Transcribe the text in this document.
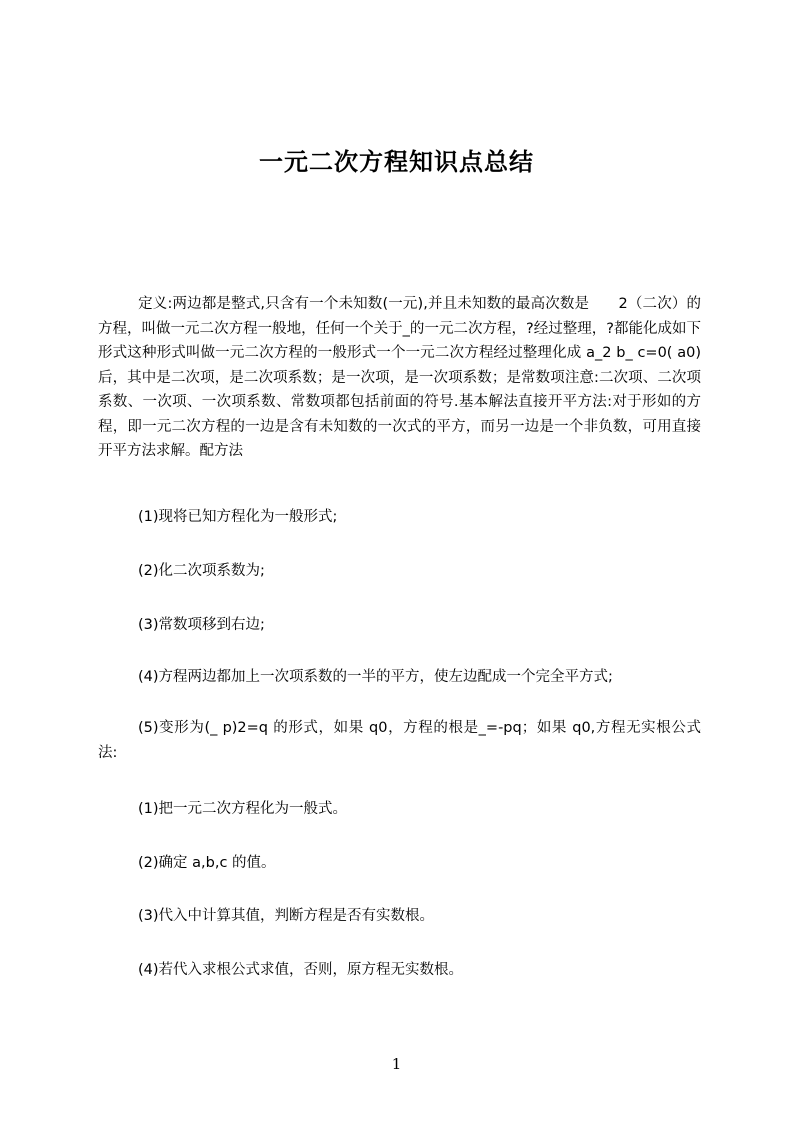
一元二次方程知识点总结
定义:两边都是整式,只含有一个未知数(一元),并且未知数的最高次数是　　2（二次）的方程，叫做一元二次方程一般地，任何一个关于_的一元二次方程，?经过整理，?都能化成如下形式这种形式叫做一元二次方程的一般形式一个一元二次方程经过整理化成 a_2 b_ c=0( a0) 后，其中是二次项，是二次项系数；是一次项，是一次项系数；是常数项注意:二次项、二次项系数、一次项、一次项系数、常数项都包括前面的符号.基本解法直接开平方法:对于形如的方程，即一元二次方程的一边是含有未知数的一次式的平方，而另一边是一个非负数，可用直接开平方法求解。配方法
(1)现将已知方程化为一般形式;
(2)化二次项系数为;
(3)常数项移到右边;
(4)方程两边都加上一次项系数的一半的平方，使左边配成一个完全平方式;
(5)变形为(_ p)2=q 的形式，如果 q0，方程的根是_=-pq；如果 q0,方程无实根公式法:
(1)把一元二次方程化为一般式。
(2)确定 a,b,c 的值。
(3)代入中计算其值，判断方程是否有实数根。
(4)若代入求根公式求值，否则，原方程无实数根。
1
